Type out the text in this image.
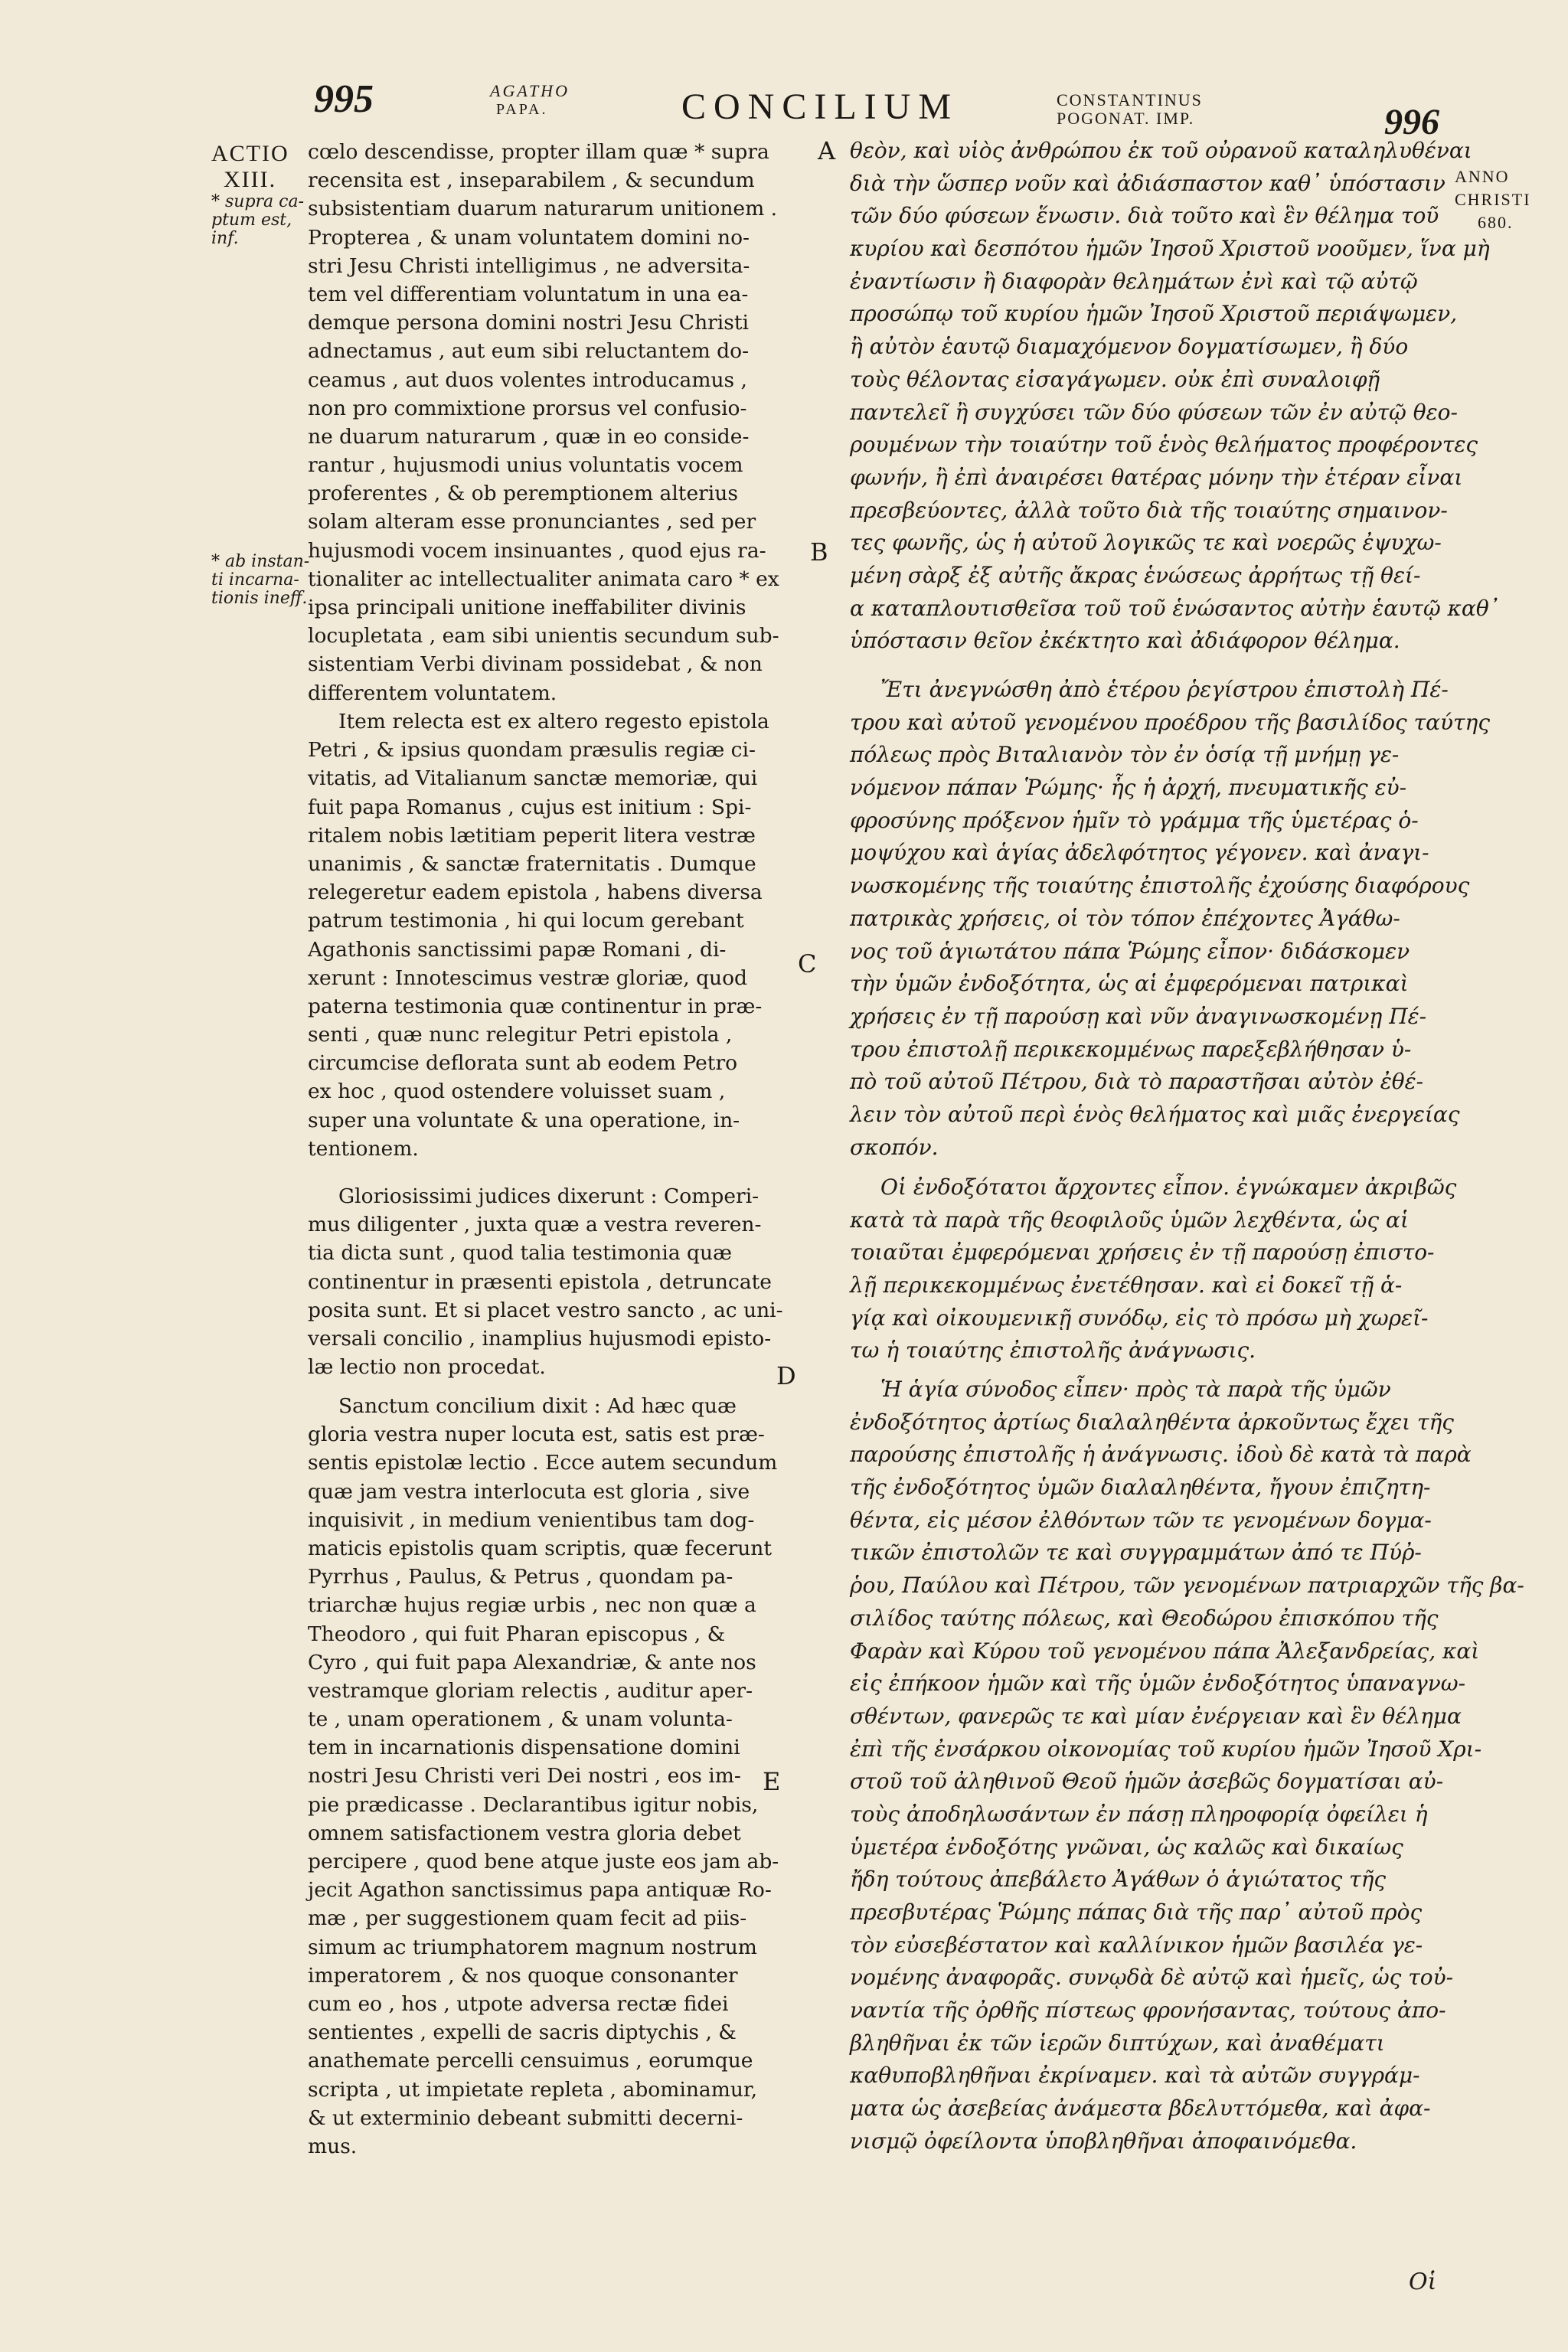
995	AGATHO
PAPA.	CONCILIUM	CONSTANTINUS
POGONAT. IMP.	996
ACTIO
XIII.
* supra ca-
ptum est,
inf.
* ab instan-
ti incarna-
tionis ineff.
ANNO
CHRISTI
680.
A
B
C
D
E
cœlo descendisse, propter illam quæ * supra
recensita est , inseparabilem , & secundum
subsistentiam duarum naturarum unitionem .
Propterea , & unam voluntatem domini no-
stri Jesu Christi intelligimus , ne adversita-
tem vel differentiam voluntatum in una ea-
demque persona domini nostri Jesu Christi
adnectamus , aut eum sibi reluctantem do-
ceamus , aut duos volentes introducamus ,
non pro commixtione prorsus vel confusio-
ne duarum naturarum , quæ in eo conside-
rantur , hujusmodi unius voluntatis vocem
proferentes , & ob peremptionem alterius
solam alteram esse pronunciantes , sed per
hujusmodi vocem insinuantes , quod ejus ra-
tionaliter ac intellectualiter animata caro * ex
ipsa principali unitione ineffabiliter divinis
locupletata , eam sibi unientis secundum sub-
sistentiam Verbi divinam possidebat , & non
differentem voluntatem.
Item relecta est ex altero regesto epistola
Petri , & ipsius quondam præsulis regiæ ci-
vitatis, ad Vitalianum sanctæ memoriæ, qui
fuit papa Romanus , cujus est initium : Spi-
ritalem nobis lætitiam peperit litera vestræ
unanimis , & sanctæ fraternitatis . Dumque
relegeretur eadem epistola , habens diversa
patrum testimonia , hi qui locum gerebant
Agathonis sanctissimi papæ Romani , di-
xerunt : Innotescimus vestræ gloriæ, quod
paterna testimonia quæ continentur in præ-
senti , quæ nunc relegitur Petri epistola ,
circumcise deflorata sunt ab eodem Petro
ex hoc , quod ostendere voluisset suam ,
super una voluntate & una operatione, in-
tentionem.
Gloriosissimi judices dixerunt : Comperi-
mus diligenter , juxta quæ a vestra reveren-
tia dicta sunt , quod talia testimonia quæ
continentur in præsenti epistola , detruncate
posita sunt. Et si placet vestro sancto , ac uni-
versali concilio , inamplius hujusmodi episto-
læ lectio non procedat.
Sanctum concilium dixit : Ad hæc quæ
gloria vestra nuper locuta est, satis est præ-
sentis epistolæ lectio . Ecce autem secundum
quæ jam vestra interlocuta est gloria , sive
inquisivit , in medium venientibus tam dog-
maticis epistolis quam scriptis, quæ fecerunt
Pyrrhus , Paulus, & Petrus , quondam pa-
triarchæ hujus regiæ urbis , nec non quæ a
Theodoro , qui fuit Pharan episcopus , &
Cyro , qui fuit papa Alexandriæ, & ante nos
vestramque gloriam relectis , auditur aper-
te , unam operationem , & unam volunta-
tem in incarnationis dispensatione domini
nostri Jesu Christi veri Dei nostri , eos im-
pie prædicasse . Declarantibus igitur nobis,
omnem satisfactionem vestra gloria debet
percipere , quod bene atque juste eos jam ab-
jecit Agathon sanctissimus papa antiquæ Ro-
mæ , per suggestionem quam fecit ad piis-
simum ac triumphatorem magnum nostrum
imperatorem , & nos quoque consonanter
cum eo , hos , utpote adversa rectæ fidei
sentientes , expelli de sacris diptychis , &
anathemate percelli censuimus , eorumque
scripta , ut impietate repleta , abominamur,
& ut exterminio debeant submitti decerni-
mus.
θεὸν, καὶ υἱὸς ἀνθρώπου ἐκ τοῦ οὐρανοῦ καταληλυθέναι
διὰ τὴν ὥσπερ νοῦν καὶ ἀδιάσπαστον καθ᾽ ὑπόστασιν
τῶν δύο φύσεων ἕνωσιν. διὰ τοῦτο καὶ ἓν θέλημα τοῦ
κυρίου καὶ δεσπότου ἡμῶν Ἰησοῦ Χριστοῦ νοοῦμεν, ἵνα μὴ
ἐναντίωσιν ἢ διαφορὰν θελημάτων ἐνὶ καὶ τῷ αὐτῷ
προσώπῳ τοῦ κυρίου ἡμῶν Ἰησοῦ Χριστοῦ περιάψωμεν,
ἢ αὐτὸν ἑαυτῷ διαμαχόμενον δογματίσωμεν, ἢ δύο
τοὺς θέλοντας εἰσαγάγωμεν. οὐκ ἐπὶ συναλοιφῇ
παντελεῖ ἢ συγχύσει τῶν δύο φύσεων τῶν ἐν αὐτῷ θεο-
ρουμένων τὴν τοιαύτην τοῦ ἑνὸς θελήματος προφέροντες
φωνήν, ἢ ἐπὶ ἀναιρέσει θατέρας μόνην τὴν ἑτέραν εἶναι
πρεσβεύοντες, ἀλλὰ τοῦτο διὰ τῆς τοιαύτης σημαινον-
τες φωνῆς, ὡς ἡ αὐτοῦ λογικῶς τε καὶ νοερῶς ἐψυχω-
μένη σὰρξ ἐξ αὐτῆς ἄκρας ἑνώσεως ἀρρήτως τῇ θεί-
α καταπλουτισθεῖσα τοῦ τοῦ ἑνώσαντος αὐτὴν ἑαυτῷ καθ᾽
ὑπόστασιν θεῖον ἐκέκτητο καὶ ἀδιάφορον θέλημα.
Ἔτι ἀνεγνώσθη ἀπὸ ἑτέρου ῥεγίστρου ἐπιστολὴ Πέ-
τρου καὶ αὐτοῦ γενομένου προέδρου τῆς βασιλίδος ταύτης
πόλεως πρὸς Βιταλιανὸν τὸν ἐν ὁσίᾳ τῇ μνήμῃ γε-
νόμενον πάπαν Ῥώμης· ἧς ἡ ἀρχή, πνευματικῆς εὐ-
φροσύνης πρόξενον ἡμῖν τὸ γράμμα τῆς ὑμετέρας ὁ-
μοψύχου καὶ ἁγίας ἀδελφότητος γέγονεν. καὶ ἀναγι-
νωσκομένης τῆς τοιαύτης ἐπιστολῆς ἐχούσης διαφόρους
πατρικὰς χρήσεις, οἱ τὸν τόπον ἐπέχοντες Ἀγάθω-
νος τοῦ ἁγιωτάτου πάπα Ῥώμης εἶπον· διδάσκομεν
τὴν ὑμῶν ἐνδοξότητα, ὡς αἱ ἐμφερόμεναι πατρικαὶ
χρήσεις ἐν τῇ παρούσῃ καὶ νῦν ἀναγινωσκομένῃ Πέ-
τρου ἐπιστολῇ περικεκομμένως παρεξεβλήθησαν ὑ-
πὸ τοῦ αὐτοῦ Πέτρου, διὰ τὸ παραστῆσαι αὐτὸν ἐθέ-
λειν τὸν αὐτοῦ περὶ ἑνὸς θελήματος καὶ μιᾶς ἐνεργείας
σκοπόν.
Οἱ ἐνδοξότατοι ἄρχοντες εἶπον. ἐγνώκαμεν ἀκριβῶς
κατὰ τὰ παρὰ τῆς θεοφιλοῦς ὑμῶν λεχθέντα, ὡς αἱ
τοιαῦται ἐμφερόμεναι χρήσεις ἐν τῇ παρούσῃ ἐπιστο-
λῇ περικεκομμένως ἐνετέθησαν. καὶ εἰ δοκεῖ τῇ ἁ-
γίᾳ καὶ οἰκουμενικῇ συνόδῳ, εἰς τὸ πρόσω μὴ χωρεῖ-
τω ἡ τοιαύτης ἐπιστολῆς ἀνάγνωσις.
Ἡ ἁγία σύνοδος εἶπεν· πρὸς τὰ παρὰ τῆς ὑμῶν
ἐνδοξότητος ἀρτίως διαλαληθέντα ἀρκοῦντως ἔχει τῆς
παρούσης ἐπιστολῆς ἡ ἀνάγνωσις. ἰδοὺ δὲ κατὰ τὰ παρὰ
τῆς ἐνδοξότητος ὑμῶν διαλαληθέντα, ἤγουν ἐπιζητη-
θέντα, εἰς μέσον ἐλθόντων τῶν τε γενομένων δογμα-
τικῶν ἐπιστολῶν τε καὶ συγγραμμάτων ἀπό τε Πύῤ-
ῥου, Παύλου καὶ Πέτρου, τῶν γενομένων πατριαρχῶν τῆς βα-
σιλίδος ταύτης πόλεως, καὶ Θεοδώρου ἐπισκόπου τῆς
Φαρὰν καὶ Κύρου τοῦ γενομένου πάπα Ἀλεξανδρείας, καὶ
εἰς ἐπήκοον ἡμῶν καὶ τῆς ὑμῶν ἐνδοξότητος ὑπαναγνω-
σθέντων, φανερῶς τε καὶ μίαν ἐνέργειαν καὶ ἓν θέλημα
ἐπὶ τῆς ἐνσάρκου οἰκονομίας τοῦ κυρίου ἡμῶν Ἰησοῦ Χρι-
στοῦ τοῦ ἀληθινοῦ Θεοῦ ἡμῶν ἀσεβῶς δογματίσαι αὐ-
τοὺς ἀποδηλωσάντων ἐν πάσῃ πληροφορίᾳ ὀφείλει ἡ
ὑμετέρα ἐνδοξότης γνῶναι, ὡς καλῶς καὶ δικαίως
ἤδη τούτους ἀπεβάλετο Ἀγάθων ὁ ἁγιώτατος τῆς
πρεσβυτέρας Ῥώμης πάπας διὰ τῆς παρ᾽ αὐτοῦ πρὸς
τὸν εὐσεβέστατον καὶ καλλίνικον ἡμῶν βασιλέα γε-
νομένης ἀναφορᾶς. συνῳδὰ δὲ αὐτῷ καὶ ἡμεῖς, ὡς τοὐ-
ναντία τῆς ὀρθῆς πίστεως φρονήσαντας, τούτους ἀπο-
βληθῆναι ἐκ τῶν ἱερῶν διπτύχων, καὶ ἀναθέματι
καθυποβληθῆναι ἐκρίναμεν. καὶ τὰ αὐτῶν συγγράμ-
ματα ὡς ἀσεβείας ἀνάμεστα βδελυττόμεθα, καὶ ἀφα-
νισμῷ ὀφείλοντα ὑποβληθῆναι ἀποφαινόμεθα.
Οἱ
